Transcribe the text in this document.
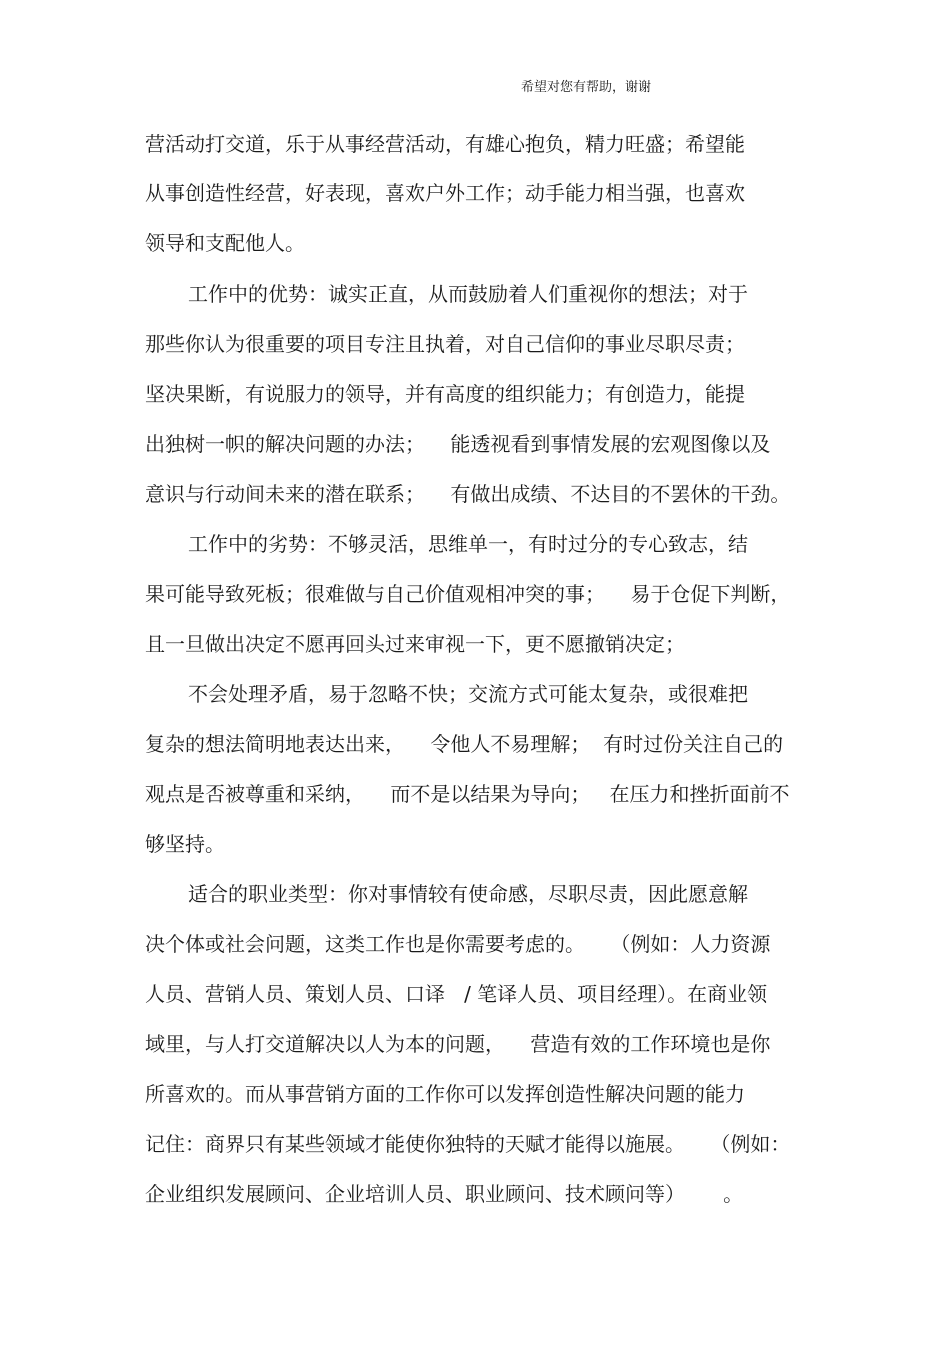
希望对您有帮助，谢谢
营活动打交道，乐于从事经营活动，有雄心抱负，精力旺盛；希望能
从事创造性经营，好表现，喜欢户外工作；动手能力相当强，也喜欢
领导和支配他人。
工作中的优势：诚实正直，从而鼓励着人们重视你的想法；对于
那些你认为很重要的项目专注且执着，对自己信仰的事业尽职尽责；
坚决果断，有说服力的领导，并有高度的组织能力；有创造力，能提
出独树一帜的解决问题的办法；    能透视看到事情发展的宏观图像以及
意识与行动间未来的潜在联系；    有做出成绩、不达目的不罢休的干劲。
工作中的劣势：不够灵活，思维单一，有时过分的专心致志，结
果可能导致死板；很难做与自己价值观相冲突的事；    易于仓促下判断，
且一旦做出决定不愿再回头过来审视一下，更不愿撤销决定；
不会处理矛盾，易于忽略不快；交流方式可能太复杂，或很难把
复杂的想法简明地表达出来，    令他人不易理解；  有时过份关注自己的
观点是否被尊重和采纳，    而不是以结果为导向；   在压力和挫折面前不
够坚持。
适合的职业类型：你对事情较有使命感，尽职尽责，因此愿意解
决个体或社会问题，这类工作也是你需要考虑的。    （例如：人力资源
人员、营销人员、策划人员、口译   / 笔译人员、项目经理）。在商业领
域里，与人打交道解决以人为本的问题，    营造有效的工作环境也是你
所喜欢的。而从事营销方面的工作你可以发挥创造性解决问题的能力
记住：商界只有某些领域才能使你独特的天赋才能得以施展。    （例如：
企业组织发展顾问、企业培训人员、职业顾问、技术顾问等）      。
